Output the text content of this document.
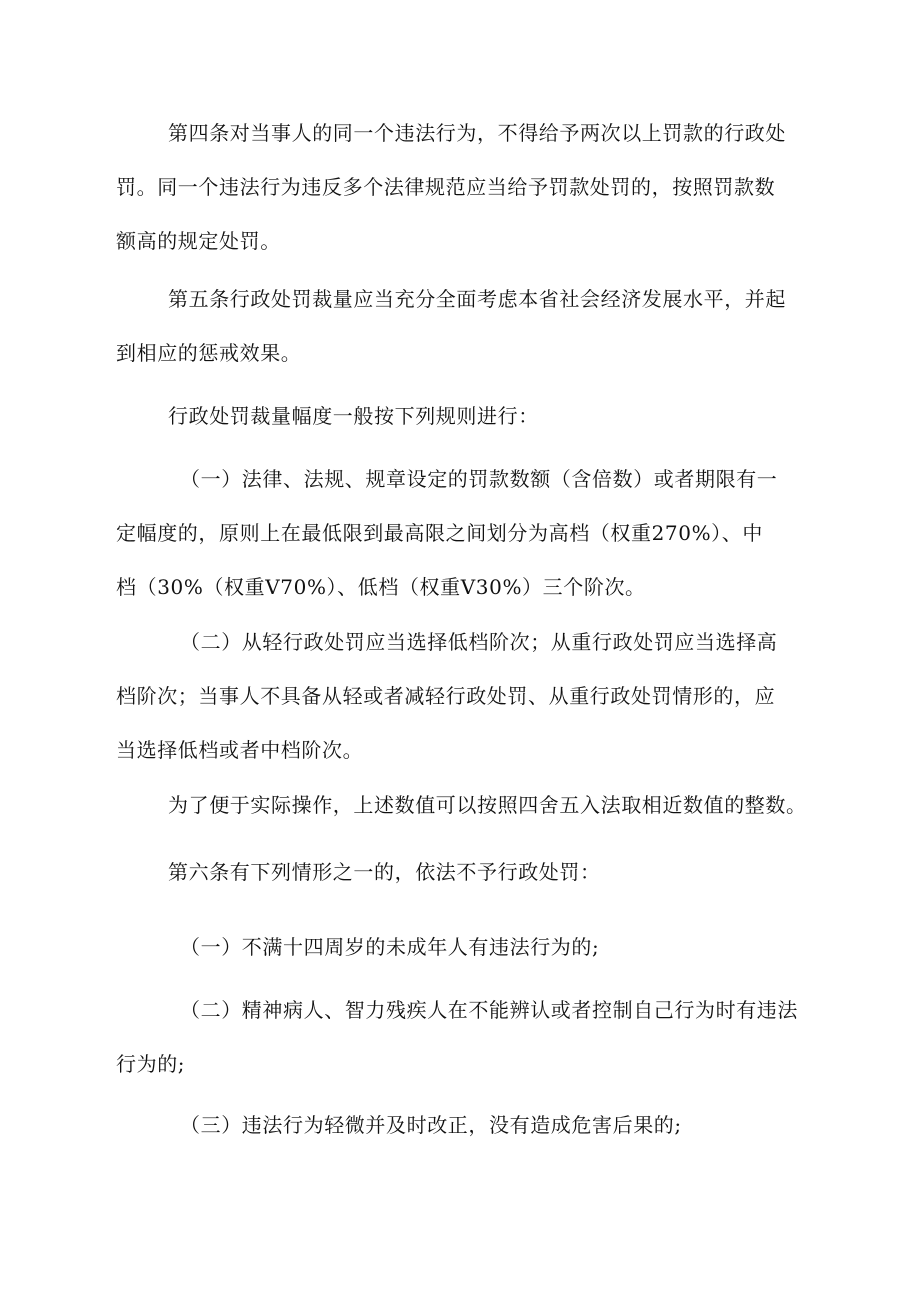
第四条对当事人的同一个违法行为，不得给予两次以上罚款的行政处
罚。同一个违法行为违反多个法律规范应当给予罚款处罚的，按照罚款数
额高的规定处罚。
第五条行政处罚裁量应当充分全面考虑本省社会经济发展水平，并起
到相应的惩戒效果。
行政处罚裁量幅度一般按下列规则进行：
（一）法律、法规、规章设定的罚款数额（含倍数）或者期限有一
定幅度的，原则上在最低限到最高限之间划分为高档（权重270%）、中
档（30%（权重V70%）、低档（权重V30%）三个阶次。
（二）从轻行政处罚应当选择低档阶次；从重行政处罚应当选择高
档阶次；当事人不具备从轻或者减轻行政处罚、从重行政处罚情形的，应
当选择低档或者中档阶次。
为了便于实际操作，上述数值可以按照四舍五入法取相近数值的整数。
第六条有下列情形之一的，依法不予行政处罚：
（一）不满十四周岁的未成年人有违法行为的;
（二）精神病人、智力残疾人在不能辨认或者控制自己行为时有违法
行为的;
（三）违法行为轻微并及时改正，没有造成危害后果的;
